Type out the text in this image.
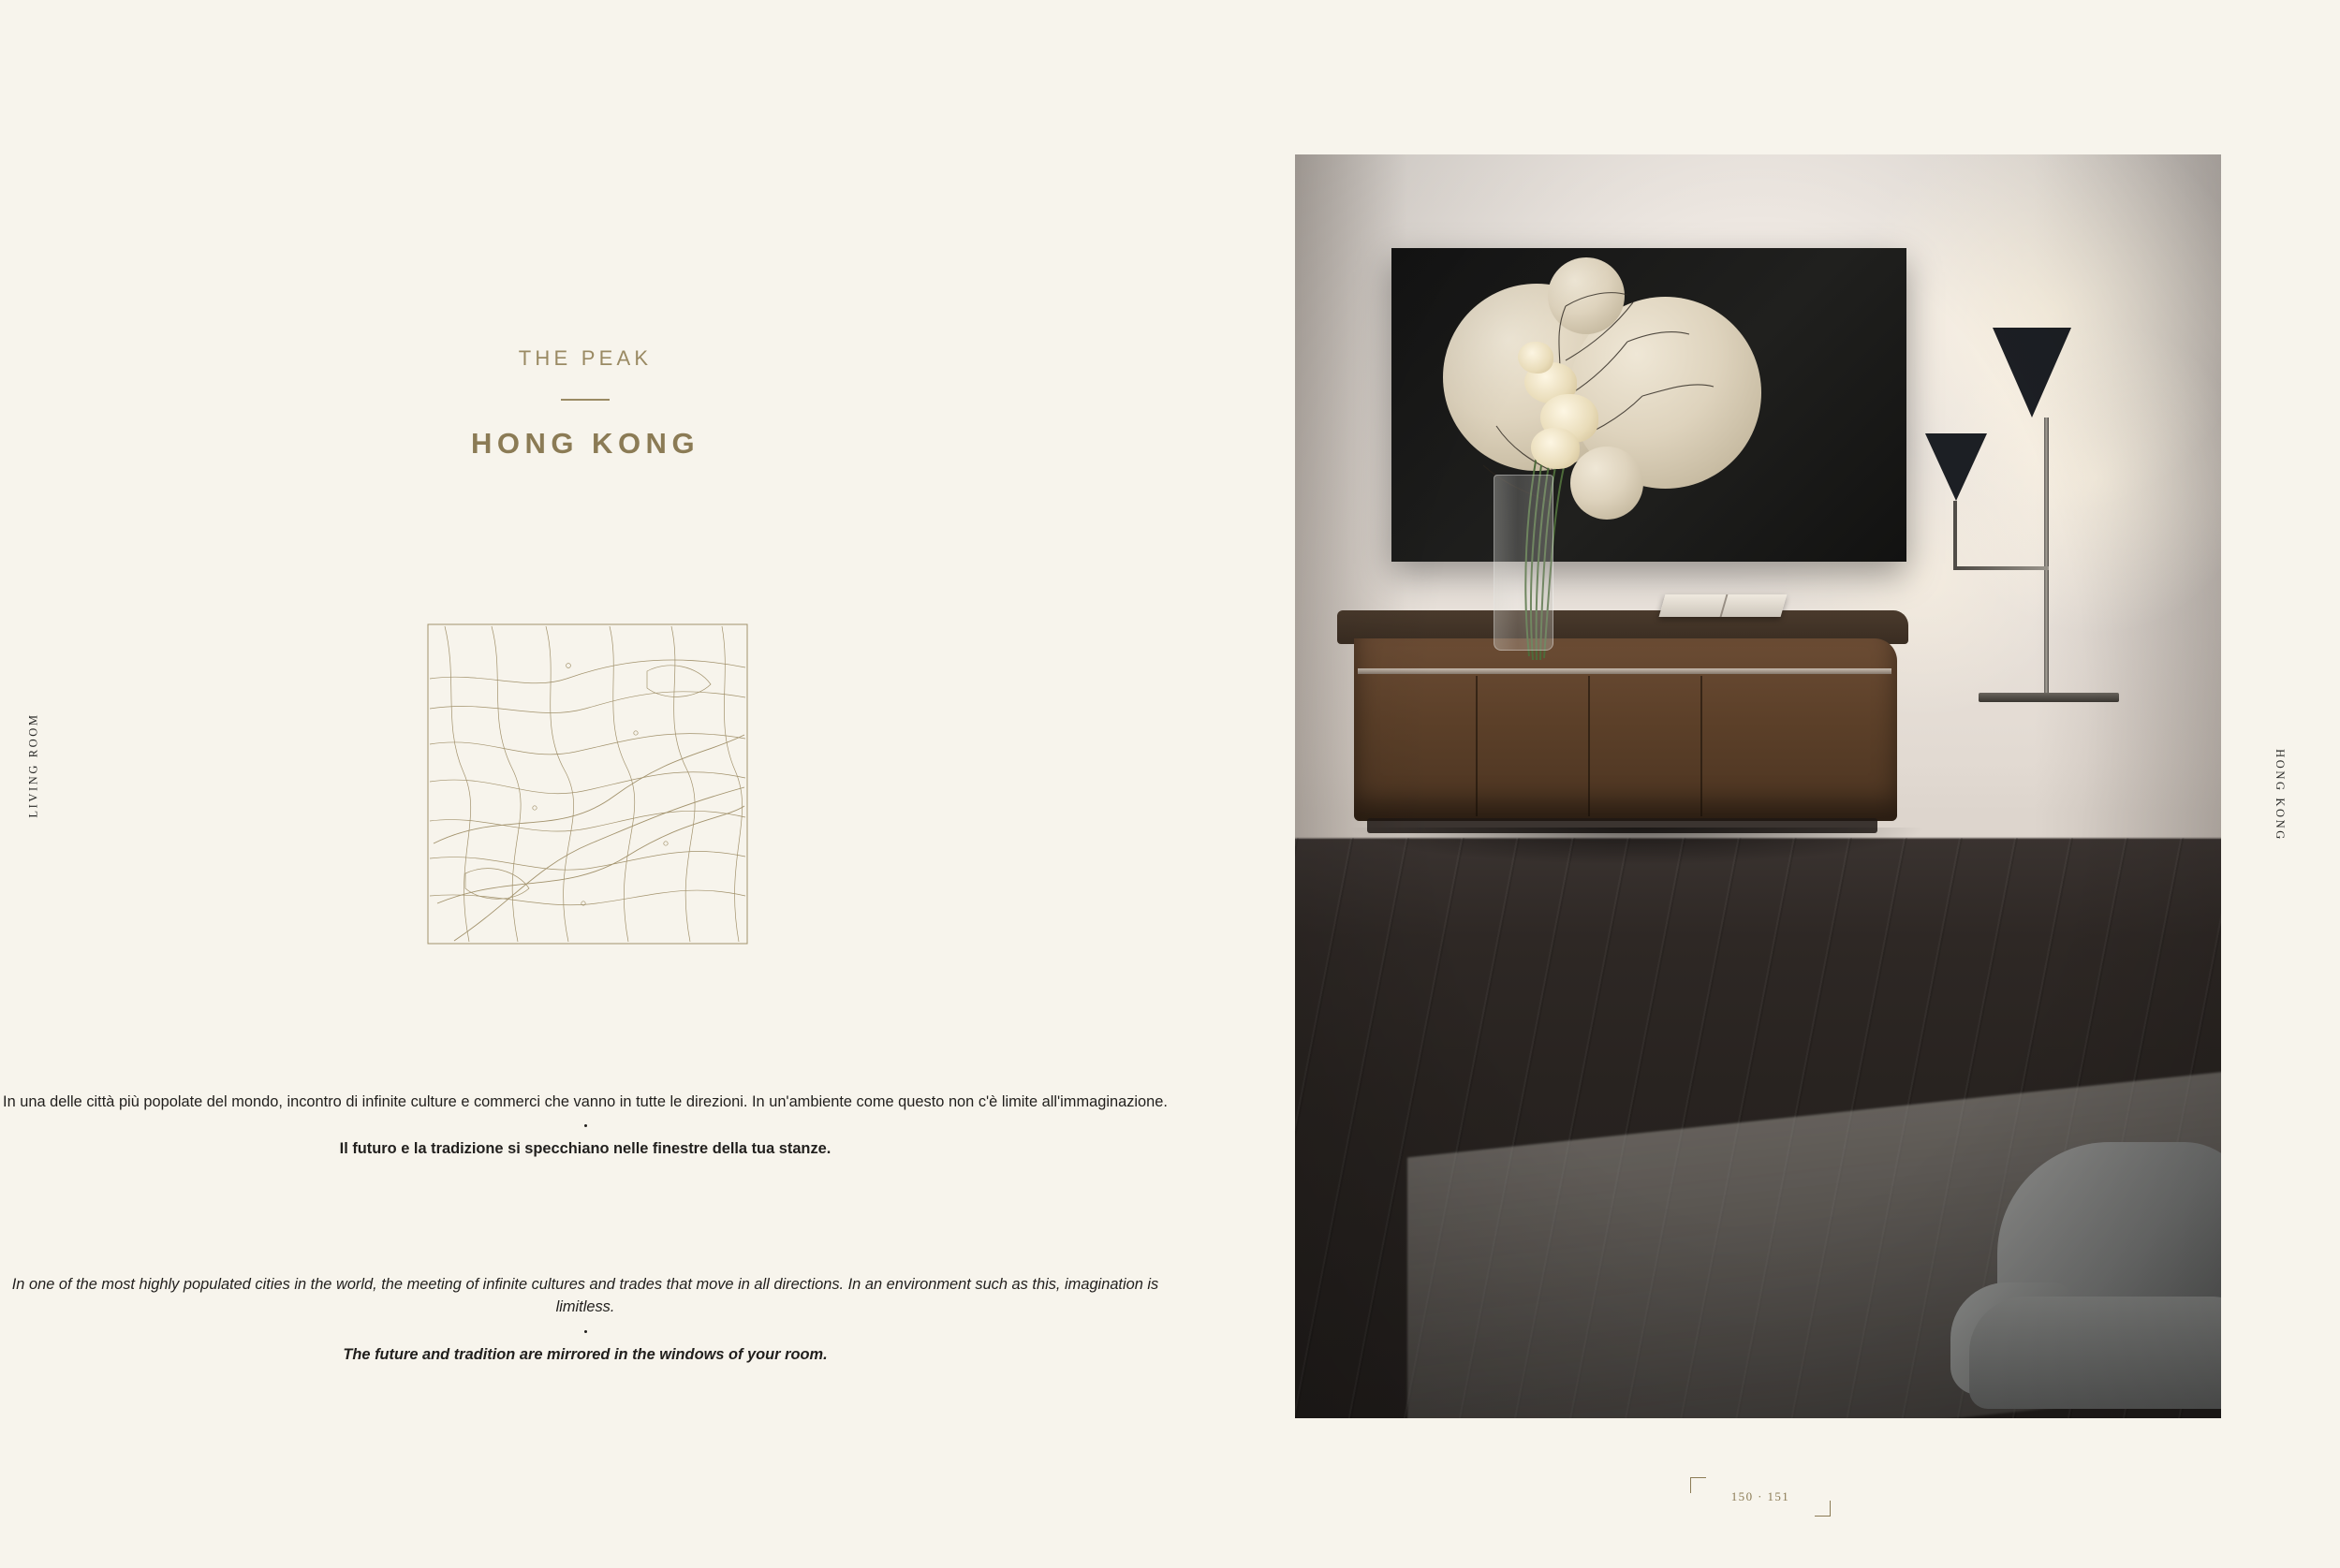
LIVING ROOM
THE PEAK
HONG KONG

In una delle città più popolate del mondo, incontro di infinite culture e commerci che vanno in tutte le direzioni. In un'ambiente come questo non c'è limite all'immaginazione.

Il futuro e la tradizione si specchiano nelle finestre della tua stanze.

In one of the most highly populated cities in the world, the meeting of infinite cultures and trades that move in all directions. In an environment such as this, imagination is limitless.

The future and tradition are mirrored in the windows of your room.

HONG KONG
150 · 151
